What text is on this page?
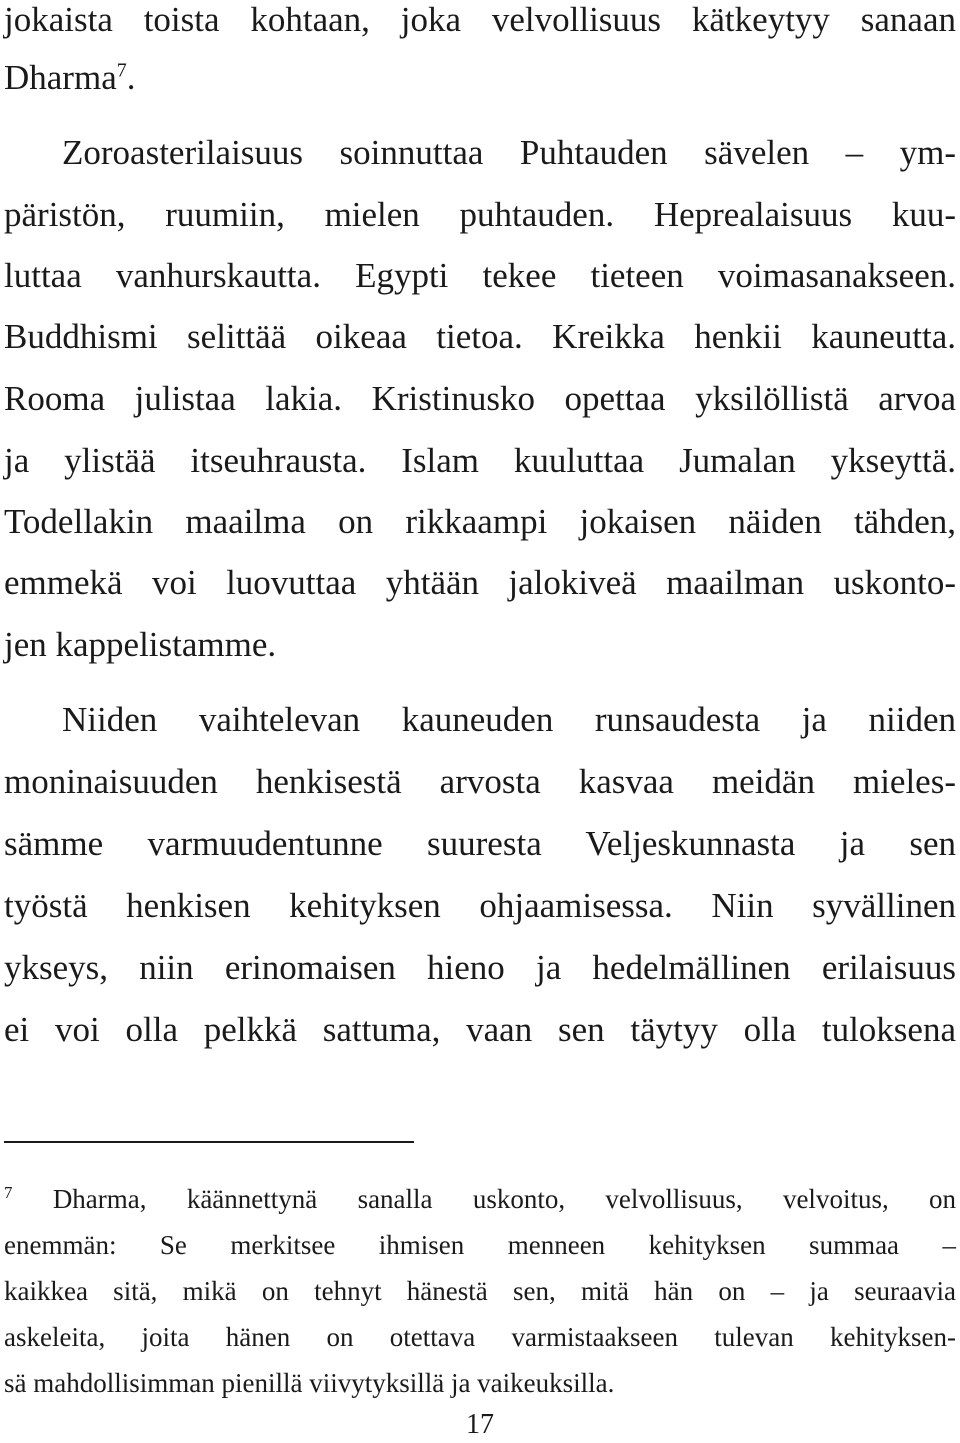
jokaista toista kohtaan, joka velvollisuus kätkeytyy sanaan
Dharma$^7$.
Zoroasterilaisuus soinnuttaa Puhtauden sävelen – ym-
päristön, ruumiin, mielen puhtauden. Heprealaisuus kuu-
luttaa vanhurskautta. Egypti tekee tieteen voimasanakseen.
Buddhismi selittää oikeaa tietoa. Kreikka henkii kauneutta.
Rooma julistaa lakia. Kristinusko opettaa yksilöllistä arvoa
ja ylistää itseuhrausta. Islam kuuluttaa Jumalan ykseyttä.
Todellakin maailma on rikkaampi jokaisen näiden tähden,
emmekä voi luovuttaa yhtään jalokiveä maailman uskonto-
jen kappelistamme.
Niiden vaihtelevan kauneuden runsaudesta ja niiden
moninaisuuden henkisestä arvosta kasvaa meidän mieles-
sämme varmuudentunne suuresta Veljeskunnasta ja sen
työstä henkisen kehityksen ohjaamisessa. Niin syvällinen
ykseys, niin erinomaisen hieno ja hedelmällinen erilaisuus
ei voi olla pelkkä sattuma, vaan sen täytyy olla tuloksena
$^7$ Dharma, käännettynä sanalla uskonto, velvollisuus, velvoitus, on
enemmän: Se merkitsee ihmisen menneen kehityksen summaa –
kaikkea sitä, mikä on tehnyt hänestä sen, mitä hän on – ja seuraavia
askeleita, joita hänen on otettava varmistaakseen tulevan kehityksen-
sä mahdollisimman pienillä viivytyksillä ja vaikeuksilla.
17
